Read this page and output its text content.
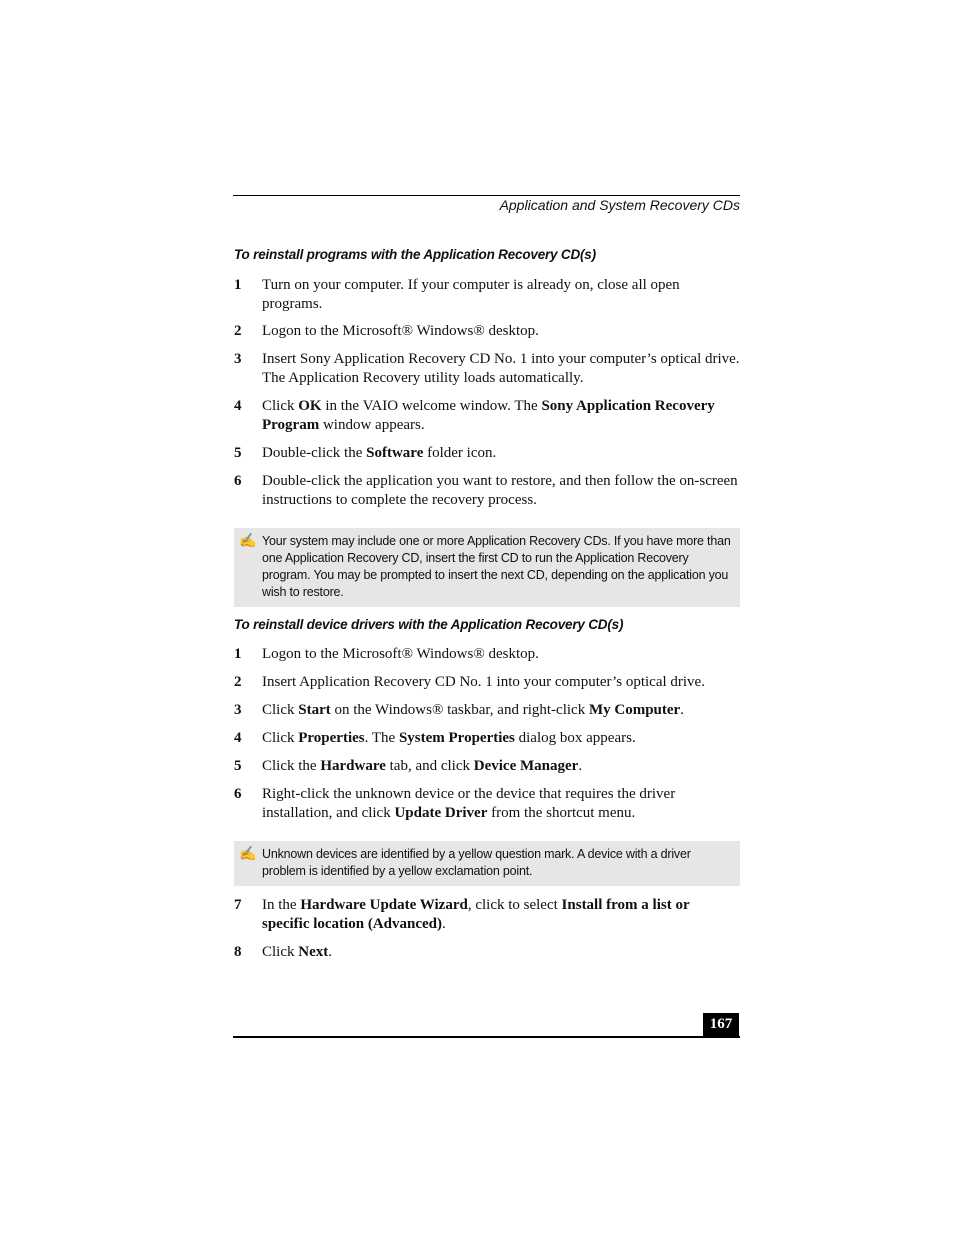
Application and System Recovery CDs
To reinstall programs with the Application Recovery CD(s)
1 Turn on your computer. If your computer is already on, close all open programs.
2 Logon to the Microsoft® Windows® desktop.
3 Insert Sony Application Recovery CD No. 1 into your computer’s optical drive. The Application Recovery utility loads automatically.
4 Click OK in the VAIO welcome window. The Sony Application Recovery Program window appears.
5 Double-click the Software folder icon.
6 Double-click the application you want to restore, and then follow the on-screen instructions to complete the recovery process.
✍ Your system may include one or more Application Recovery CDs. If you have more than one Application Recovery CD, insert the first CD to run the Application Recovery program. You may be prompted to insert the next CD, depending on the application you wish to restore.
To reinstall device drivers with the Application Recovery CD(s)
1 Logon to the Microsoft® Windows® desktop.
2 Insert Application Recovery CD No. 1 into your computer’s optical drive.
3 Click Start on the Windows® taskbar, and right-click My Computer.
4 Click Properties. The System Properties dialog box appears.
5 Click the Hardware tab, and click Device Manager.
6 Right-click the unknown device or the device that requires the driver installation, and click Update Driver from the shortcut menu.
✍ Unknown devices are identified by a yellow question mark. A device with a driver problem is identified by a yellow exclamation point.
7 In the Hardware Update Wizard, click to select Install from a list or specific location (Advanced).
8 Click Next.
167
